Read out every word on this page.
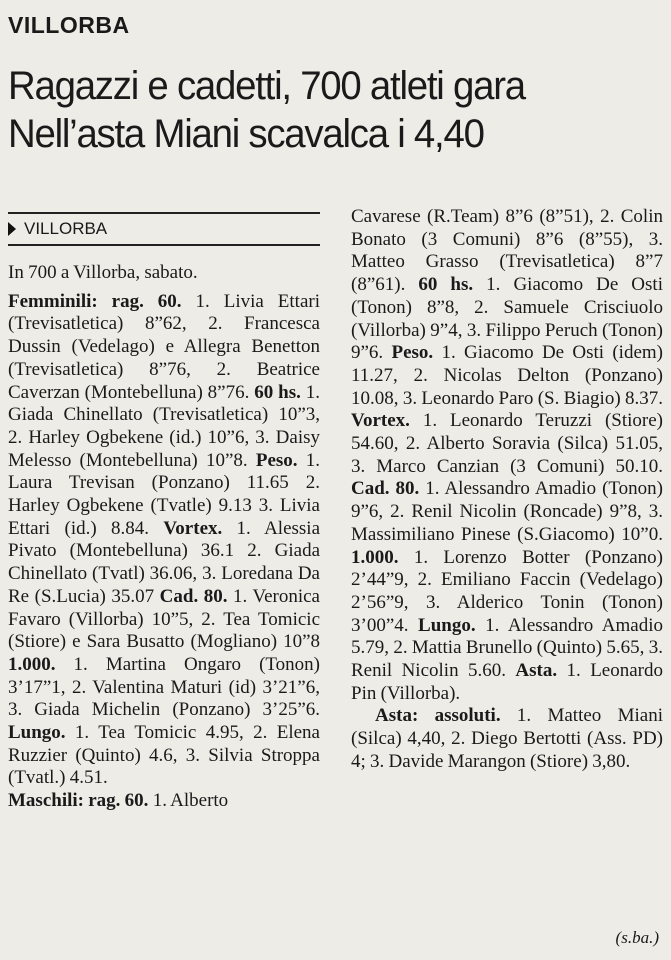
VILLORBA
Ragazzi e cadetti, 700 atleti gara
Nell’asta Miani scavalca i 4,40
VILLORBA

In 700 a Villorba, sabato.

Femminili: rag. 60. 1. Livia Ettari (Trevisatletica) 8”62, 2. Francesca Dussin (Vedelago) e Allegra Benetton (Trevisatletica) 8”76, 2. Beatrice Caverzan (Montebelluna) 8”76. 60 hs. 1. Giada Chinellato (Trevisatletica) 10”3, 2. Harley Ogbekene (id.) 10”6, 3. Daisy Melesso (Montebelluna) 10”8. Peso. 1. Laura Trevisan (Ponzano) 11.65 2. Harley Ogbekene (Tvatle) 9.13 3. Livia Ettari (id.) 8.84. Vortex. 1. Alessia Pivato (Montebelluna) 36.1 2. Giada Chinellato (Tvatl) 36.06, 3. Loredana Da Re (S.Lucia) 35.07 Cad. 80. 1. Veronica Favaro (Villorba) 10”5, 2. Tea Tomicic (Stiore) e Sara Busatto (Mogliano) 10”8 1.000. 1. Martina Ongaro (Tonon) 3’17”1, 2. Valentina Maturi (id) 3’21”6, 3. Giada Michelin (Ponzano) 3’25”6. Lungo. 1. Tea Tomicic 4.95, 2. Elena Ruzzier (Quinto) 4.6, 3. Silvia Stroppa (Tvatl.) 4.51.

Maschili: rag. 60. 1. Alberto

Cavarese (R.Team) 8”6 (8”51), 2. Colin Bonato (3 Comuni) 8”6 (8”55), 3. Matteo Grasso (Trevisatletica) 8”7 (8”61). 60 hs. 1. Giacomo De Osti (Tonon) 8”8, 2. Samuele Crisciuolo (Villorba) 9”4, 3. Filippo Peruch (Tonon) 9”6. Peso. 1. Giacomo De Osti (idem) 11.27, 2. Nicolas Delton (Ponzano) 10.08, 3. Leonardo Paro (S. Biagio) 8.37. Vortex. 1. Leonardo Teruzzi (Stiore) 54.60, 2. Alberto Soravia (Silca) 51.05, 3. Marco Canzian (3 Comuni) 50.10. Cad. 80. 1. Alessandro Amadio (Tonon) 9”6, 2. Renil Nicolin (Roncade) 9”8, 3. Massimiliano Pinese (S.Giacomo) 10”0. 1.000. 1. Lorenzo Botter (Ponzano) 2’44”9, 2. Emiliano Faccin (Vedelago) 2’56”9, 3. Alderico Tonin (Tonon) 3’00”4. Lungo. 1. Alessandro Amadio 5.79, 2. Mattia Brunello (Quinto) 5.65, 3. Renil Nicolin 5.60. Asta. 1. Leonardo Pin (Villorba).

Asta: assoluti. 1. Matteo Miani (Silca) 4,40, 2. Diego Bertotti (Ass. PD) 4; 3. Davide Marangon (Stiore) 3,80.

(s.ba.)
